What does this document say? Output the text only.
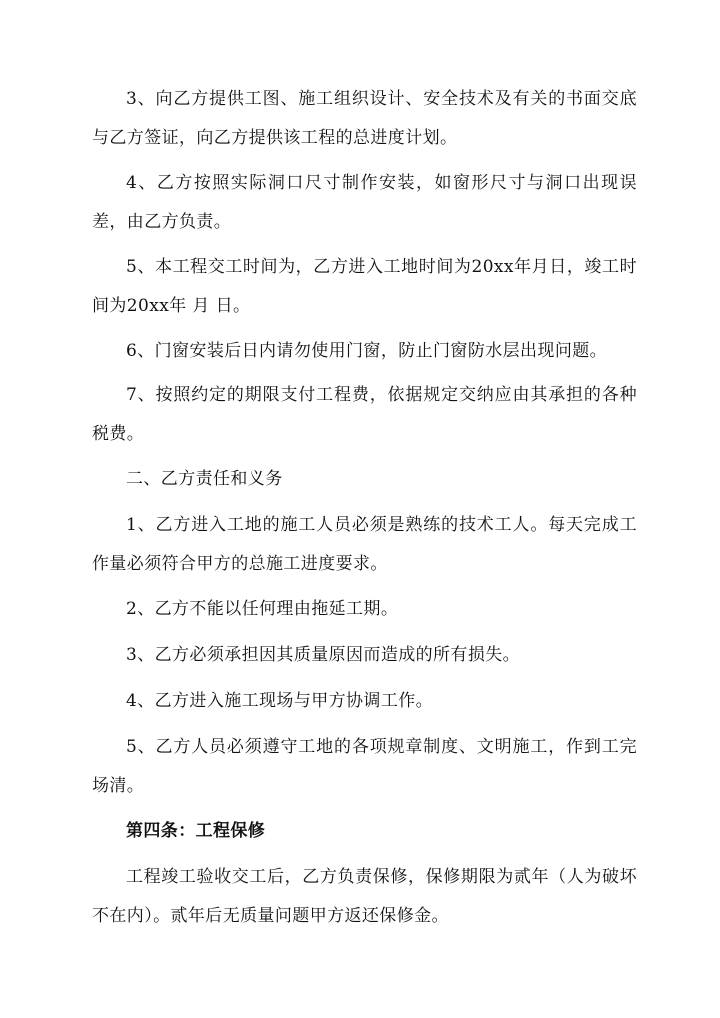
3、向乙方提供工图、施工组织设计、安全技术及有关的书面交底与乙方签证，向乙方提供该工程的总进度计划。

4、乙方按照实际洞口尺寸制作安装，如窗形尺寸与洞口出现误差，由乙方负责。

5、本工程交工时间为，乙方进入工地时间为20xx年月日，竣工时间为20xx年 月 日。

6、门窗安装后日内请勿使用门窗，防止门窗防水层出现问题。

7、按照约定的期限支付工程费，依据规定交纳应由其承担的各种税费。

二、乙方责任和义务

1、乙方进入工地的施工人员必须是熟练的技术工人。每天完成工作量必须符合甲方的总施工进度要求。

2、乙方不能以任何理由拖延工期。

3、乙方必须承担因其质量原因而造成的所有损失。

4、乙方进入施工现场与甲方协调工作。

5、乙方人员必须遵守工地的各项规章制度、文明施工，作到工完场清。

第四条：工程保修

工程竣工验收交工后，乙方负责保修，保修期限为贰年（人为破坏不在内）。贰年后无质量问题甲方返还保修金。
